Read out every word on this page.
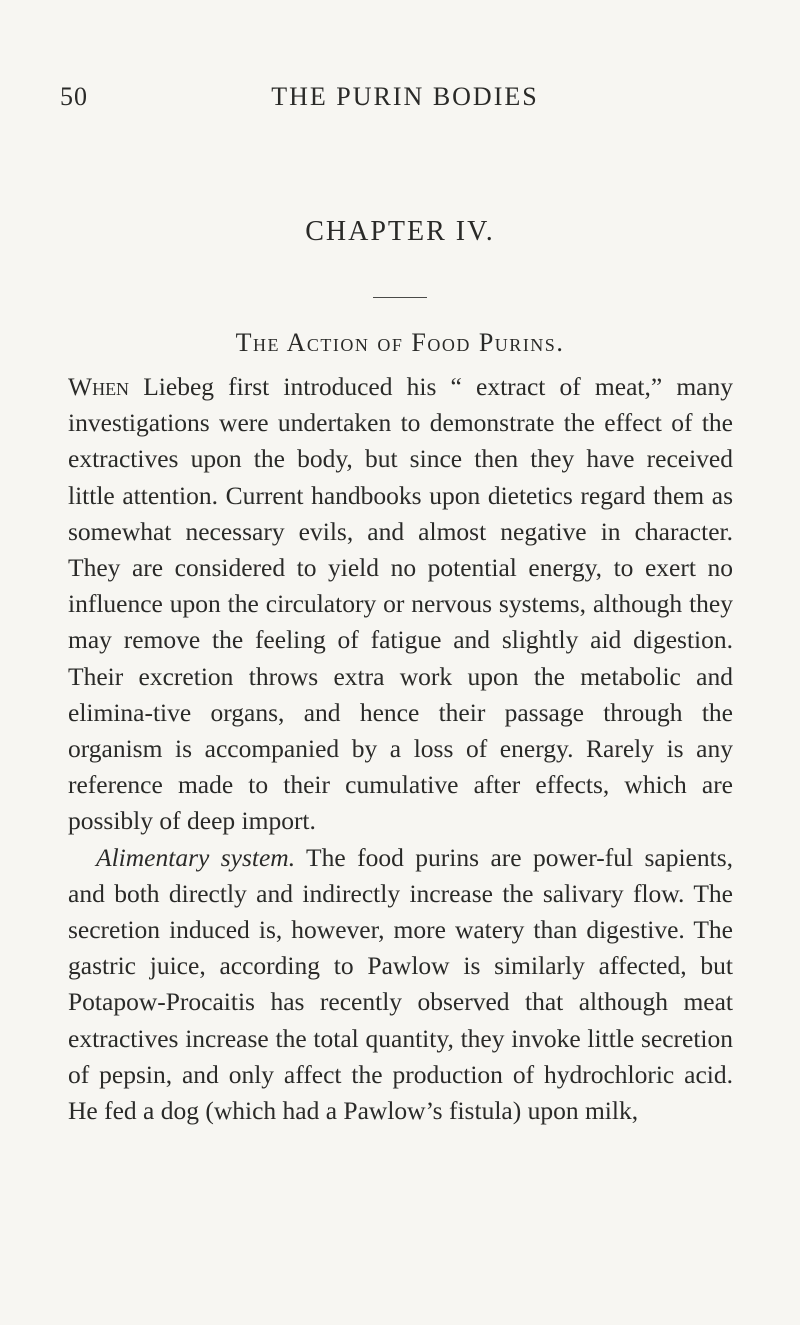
50	THE PURIN BODIES
CHAPTER IV.
The Action of Food Purins.

When Liebeg first introduced his “ extract of meat,” many investigations were undertaken to demonstrate the effect of the extractives upon the body, but since then they have received little attention. Current handbooks upon dietetics regard them as somewhat necessary evils, and almost negative in character. They are considered to yield no potential energy, to exert no influence upon the circulatory or nervous systems, although they may remove the feeling of fatigue and slightly aid digestion. Their excretion throws extra work upon the metabolic and elimina-tive organs, and hence their passage through the organism is accompanied by a loss of energy. Rarely is any reference made to their cumulative after effects, which are possibly of deep import.

Alimentary system. The food purins are power-ful sapients, and both directly and indirectly increase the salivary flow. The secretion induced is, however, more watery than digestive. The gastric juice, according to Pawlow is similarly affected, but Potapow-Procaitis has recently observed that although meat extractives increase the total quantity, they invoke little secretion of pepsin, and only affect the production of hydrochloric acid. He fed a dog (which had a Pawlow’s fistula) upon milk,
